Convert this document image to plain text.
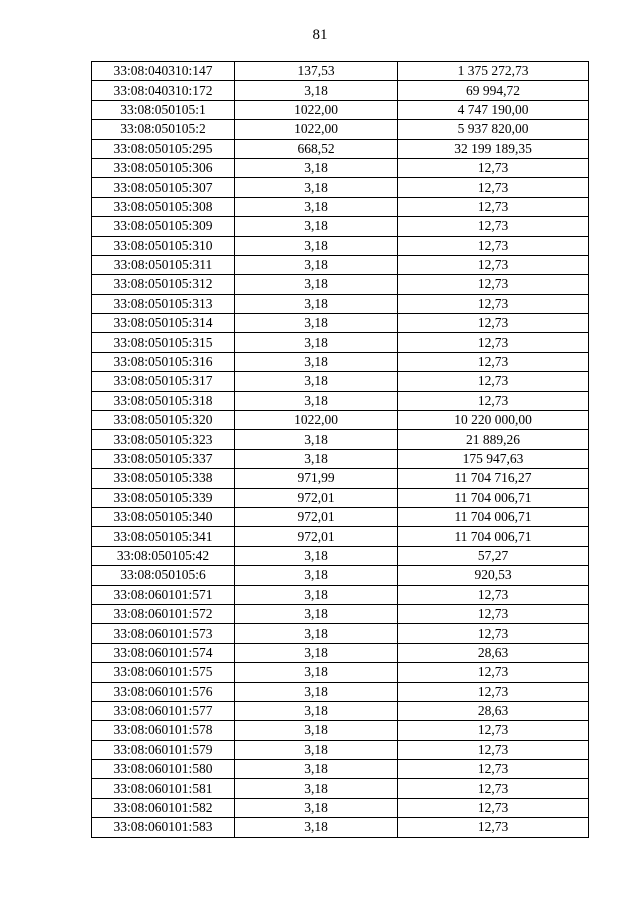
81
33:08:040310:147	137,53	1 375 272,73
33:08:040310:172	3,18	69 994,72
33:08:050105:1	1022,00	4 747 190,00
33:08:050105:2	1022,00	5 937 820,00
33:08:050105:295	668,52	32 199 189,35
33:08:050105:306	3,18	12,73
33:08:050105:307	3,18	12,73
33:08:050105:308	3,18	12,73
33:08:050105:309	3,18	12,73
33:08:050105:310	3,18	12,73
33:08:050105:311	3,18	12,73
33:08:050105:312	3,18	12,73
33:08:050105:313	3,18	12,73
33:08:050105:314	3,18	12,73
33:08:050105:315	3,18	12,73
33:08:050105:316	3,18	12,73
33:08:050105:317	3,18	12,73
33:08:050105:318	3,18	12,73
33:08:050105:320	1022,00	10 220 000,00
33:08:050105:323	3,18	21 889,26
33:08:050105:337	3,18	175 947,63
33:08:050105:338	971,99	11 704 716,27
33:08:050105:339	972,01	11 704 006,71
33:08:050105:340	972,01	11 704 006,71
33:08:050105:341	972,01	11 704 006,71
33:08:050105:42	3,18	57,27
33:08:050105:6	3,18	920,53
33:08:060101:571	3,18	12,73
33:08:060101:572	3,18	12,73
33:08:060101:573	3,18	12,73
33:08:060101:574	3,18	28,63
33:08:060101:575	3,18	12,73
33:08:060101:576	3,18	12,73
33:08:060101:577	3,18	28,63
33:08:060101:578	3,18	12,73
33:08:060101:579	3,18	12,73
33:08:060101:580	3,18	12,73
33:08:060101:581	3,18	12,73
33:08:060101:582	3,18	12,73
33:08:060101:583	3,18	12,73
